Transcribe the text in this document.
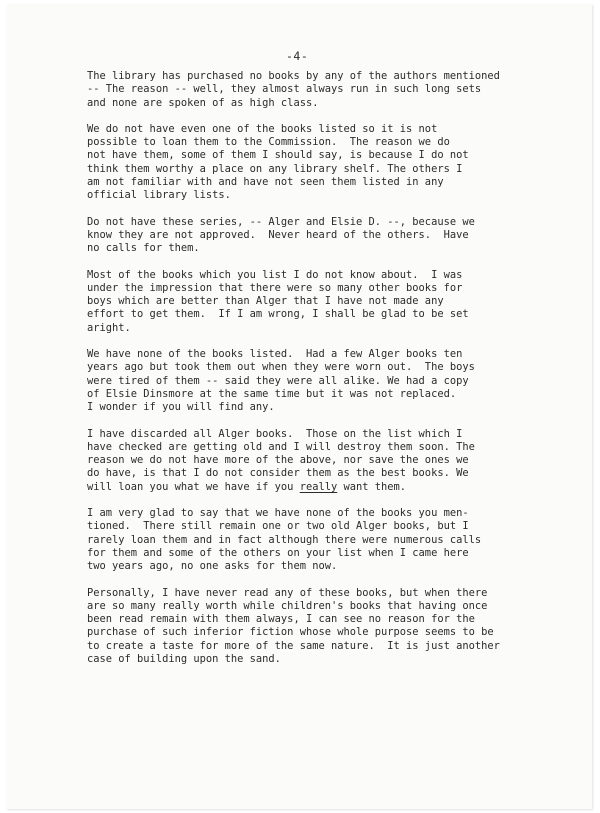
-4-
The library has purchased no books by any of the authors mentioned
-- The reason -- well, they almost always run in such long sets
and none are spoken of as high class.
We do not have even one of the books listed so it is not
possible to loan them to the Commission.  The reason we do
not have them, some of them I should say, is because I do not
think them worthy a place on any library shelf. The others I
am not familiar with and have not seen them listed in any
official library lists.
Do not have these series, -- Alger and Elsie D. --, because we
know they are not approved.  Never heard of the others.  Have
no calls for them.
Most of the books which you list I do not know about.  I was
under the impression that there were so many other books for
boys which are better than Alger that I have not made any
effort to get them.  If I am wrong, I shall be glad to be set
aright.
We have none of the books listed.  Had a few Alger books ten
years ago but took them out when they were worn out.  The boys
were tired of them -- said they were all alike. We had a copy
of Elsie Dinsmore at the same time but it was not replaced.
I wonder if you will find any.
I have discarded all Alger books.  Those on the list which I
have checked are getting old and I will destroy them soon. The
reason we do not have more of the above, nor save the ones we
do have, is that I do not consider them as the best books. We
will loan you what we have if you really want them.
I am very glad to say that we have none of the books you men-
tioned.  There still remain one or two old Alger books, but I
rarely loan them and in fact although there were numerous calls
for them and some of the others on your list when I came here
two years ago, no one asks for them now.
Personally, I have never read any of these books, but when there
are so many really worth while children's books that having once
been read remain with them always, I can see no reason for the
purchase of such inferior fiction whose whole purpose seems to be
to create a taste for more of the same nature.  It is just another
case of building upon the sand.
